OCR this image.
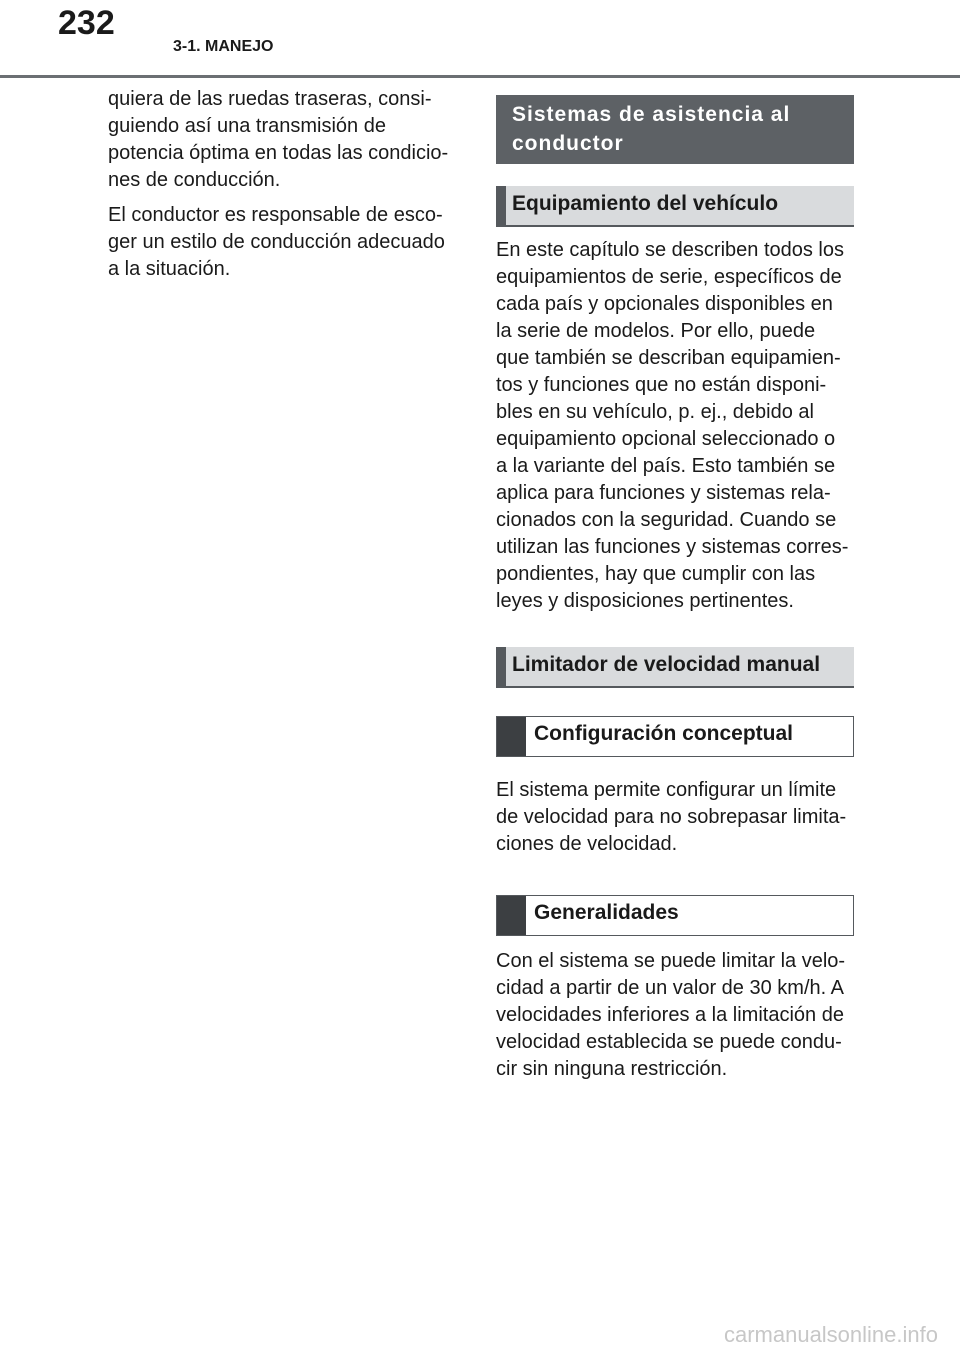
232
3-1. MANEJO

quiera de las ruedas traseras, consi-
guiendo así una transmisión de
potencia óptima en todas las condicio-
nes de conducción.

El conductor es responsable de esco-
ger un estilo de conducción adecuado
a la situación.

Sistemas de asistencia al
conductor
Equipamiento del vehículo

En este capítulo se describen todos los
equipamientos de serie, específicos de
cada país y opcionales disponibles en
la serie de modelos. Por ello, puede
que también se describan equipamien-
tos y funciones que no están disponi-
bles en su vehículo, p. ej., debido al
equipamiento opcional seleccionado o
a la variante del país. Esto también se
aplica para funciones y sistemas rela-
cionados con la seguridad. Cuando se
utilizan las funciones y sistemas corres-
pondientes, hay que cumplir con las
leyes y disposiciones pertinentes.

Limitador de velocidad manual
Configuración conceptual

El sistema permite configurar un límite
de velocidad para no sobrepasar limita-
ciones de velocidad.

Generalidades

Con el sistema se puede limitar la velo-
cidad a partir de un valor de 30 km/h. A
velocidades inferiores a la limitación de
velocidad establecida se puede condu-
cir sin ninguna restricción.

carmanualsonline.info
